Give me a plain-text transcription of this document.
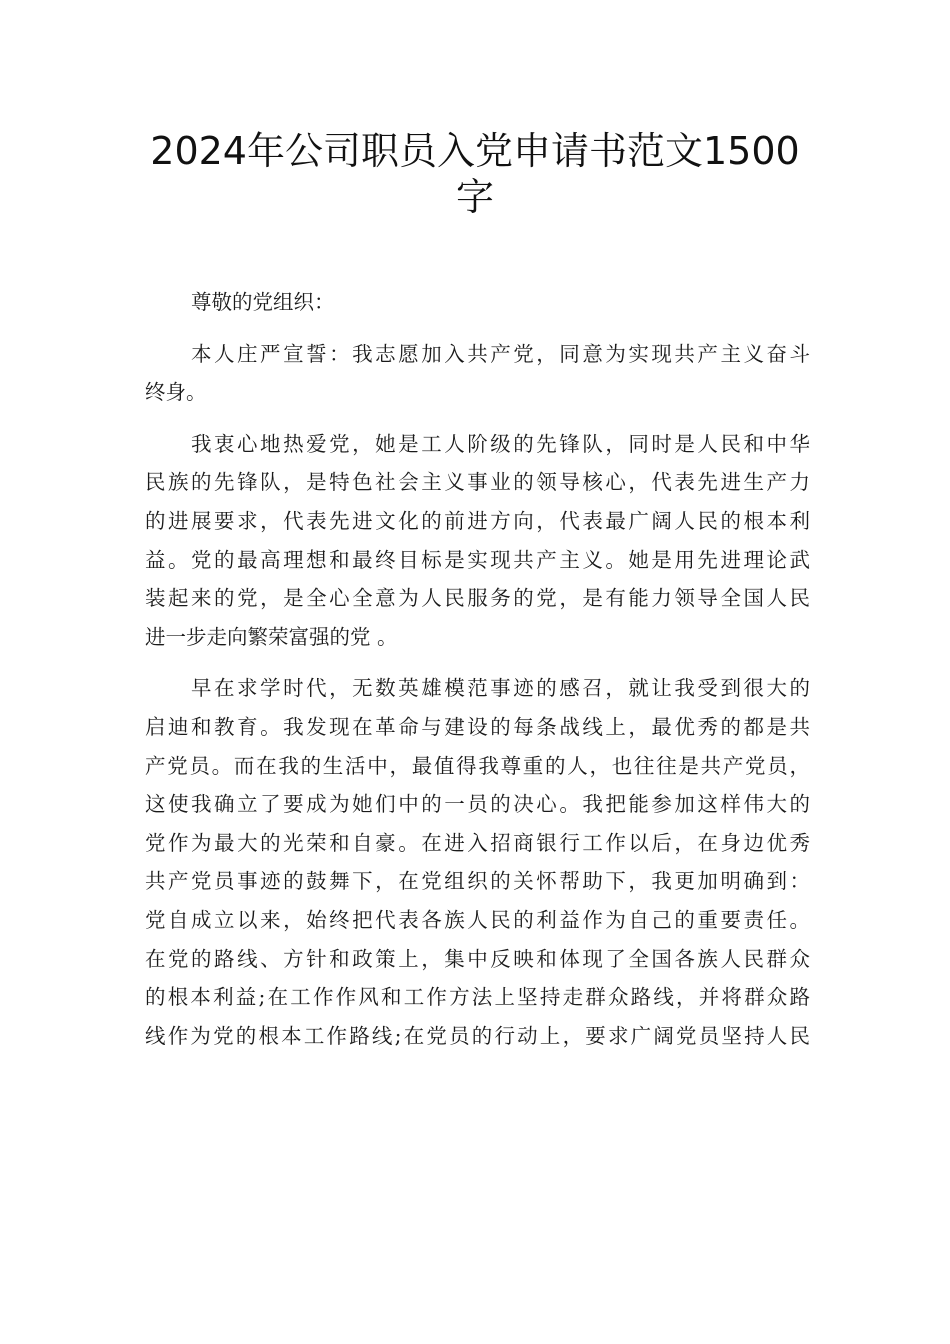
2024年公司职员入党申请书范文1500
字
尊敬的党组织：
本人庄严宣誓：我志愿加入共产党，同意为实现共产主义奋斗
终身。
我衷心地热爱党，她是工人阶级的先锋队，同时是人民和中华
民族的先锋队，是特色社会主义事业的领导核心，代表先进生产力
的进展要求，代表先进文化的前进方向，代表最广阔人民的根本利
益。党的最高理想和最终目标是实现共产主义。她是用先进理论武
装起来的党，是全心全意为人民服务的党，是有能力领导全国人民
进一步走向繁荣富强的党 。
早在求学时代，无数英雄模范事迹的感召，就让我受到很大的
启迪和教育。我发现在革命与建设的每条战线上，最优秀的都是共
产党员。而在我的生活中，最值得我尊重的人，也往往是共产党员，
这使我确立了要成为她们中的一员的决心。我把能参加这样伟大的
党作为最大的光荣和自豪。在进入招商银行工作以后，在身边优秀
共产党员事迹的鼓舞下，在党组织的关怀帮助下，我更加明确到：
党自成立以来，始终把代表各族人民的利益作为自己的重要责任。
在党的路线、方针和政策上，集中反映和体现了全国各族人民群众
的根本利益;在工作作风和工作方法上坚持走群众路线，并将群众路
线作为党的根本工作路线;在党员的行动上，要求广阔党员坚持人民
